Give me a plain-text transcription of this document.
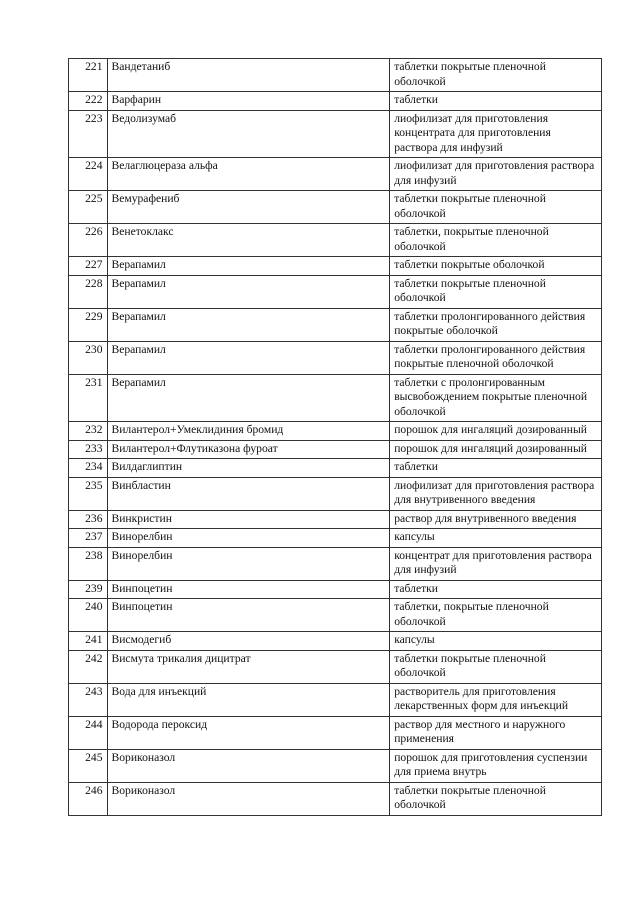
221	Вандетаниб	таблетки покрытые пленочной оболочкой
222	Варфарин	таблетки
223	Ведолизумаб	лиофилизат для приготовления концентрата для приготовления раствора для инфузий
224	Велаглюцераза альфа	лиофилизат для приготовления раствора для инфузий
225	Вемурафениб	таблетки покрытые пленочной оболочкой
226	Венетоклакс	таблетки, покрытые пленочной оболочкой
227	Верапамил	таблетки покрытые оболочкой
228	Верапамил	таблетки покрытые пленочной оболочкой
229	Верапамил	таблетки пролонгированного действия покрытые оболочкой
230	Верапамил	таблетки пролонгированного действия покрытые пленочной оболочкой
231	Верапамил	таблетки с пролонгированным высвобождением покрытые пленочной оболочкой
232	Вилантерол+Умеклидиния бромид	порошок для ингаляций дозированный
233	Вилантерол+Флутиказона фуроат	порошок для ингаляций дозированный
234	Вилдаглиптин	таблетки
235	Винбластин	лиофилизат для приготовления раствора для внутривенного введения
236	Винкристин	раствор для внутривенного введения
237	Винорелбин	капсулы
238	Винорелбин	концентрат для приготовления раствора для инфузий
239	Винпоцетин	таблетки
240	Винпоцетин	таблетки, покрытые пленочной оболочкой
241	Висмодегиб	капсулы
242	Висмута трикалия дицитрат	таблетки покрытые пленочной оболочкой
243	Вода для инъекций	растворитель для приготовления лекарственных форм для инъекций
244	Водорода пероксид	раствор для местного и наружного применения
245	Вориконазол	порошок для приготовления суспензии для приема внутрь
246	Вориконазол	таблетки покрытые пленочной оболочкой
